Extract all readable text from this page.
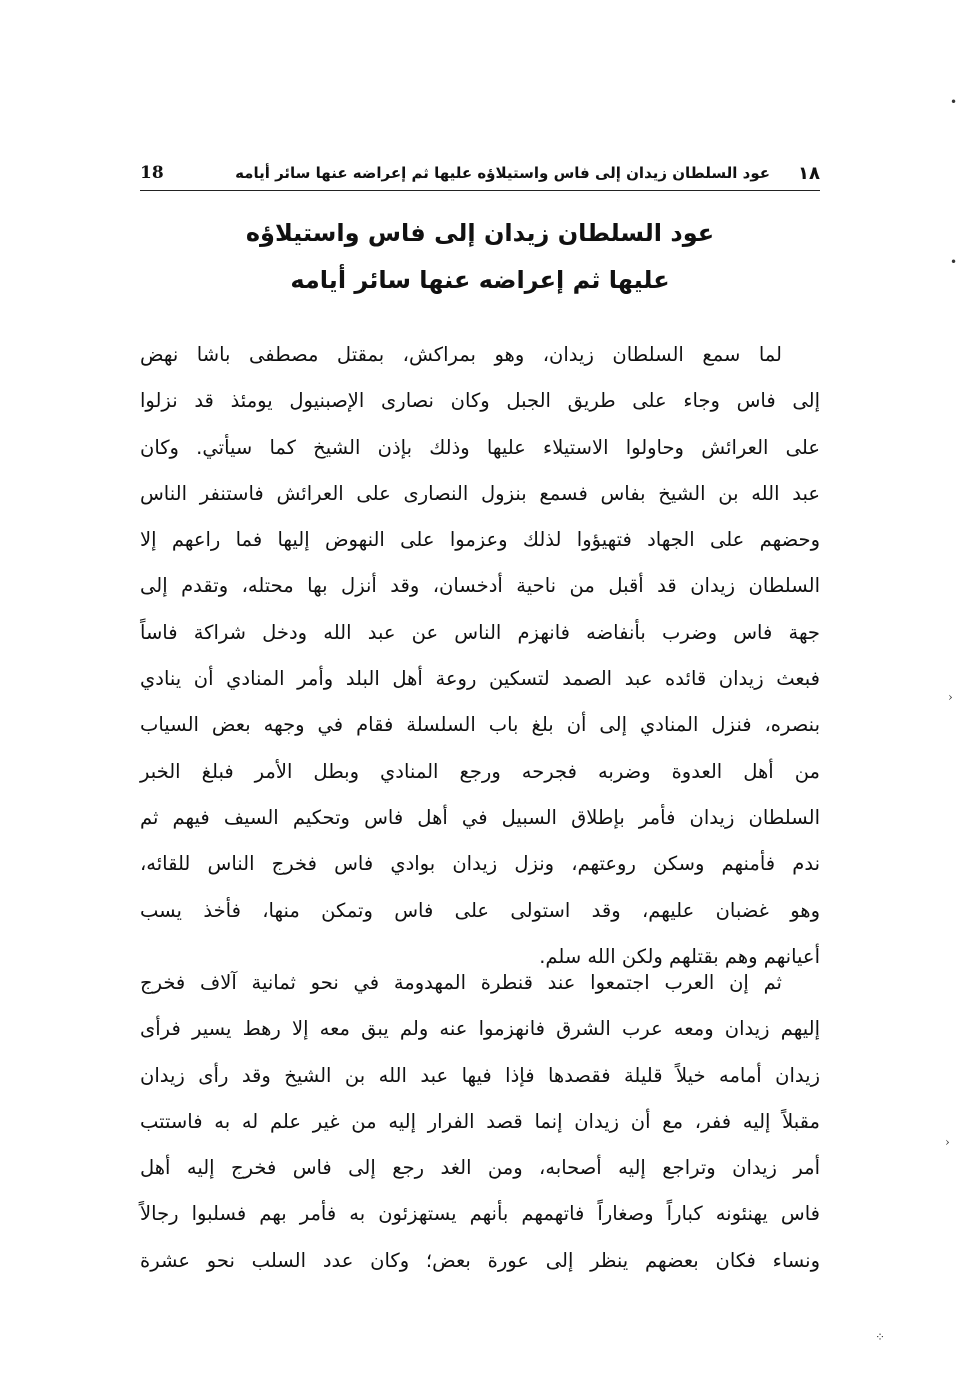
18	عود السلطان زيدان إلى فاس واستيلاؤه عليها ثم إعراضه عنها سائر أيامه	١٨
عود السلطان زيدان إلى فاس واستيلاؤه
عليها ثم إعراضه عنها سائر أيامه
لما سمع السلطان زيدان، وهو بمراكش، بمقتل مصطفى باشا نهض
إلى فاس وجاء على طريق الجبل وكان نصارى الإصبنيول يومئذ قد نزلوا
على العرائش وحاولوا الاستيلاء عليها وذلك بإذن الشيخ كما سيأتي. وكان
عبد الله بن الشيخ بفاس فسمع بنزول النصارى على العرائش فاستنفر الناس
وحضهم على الجهاد فتهيؤوا لذلك وعزموا على النهوض إليها فما راعهم إلا
السلطان زيدان قد أقبل من ناحية أدخسان، وقد أنزل بها محتله، وتقدم إلى
جهة فاس وضرب بأنفاضه فانهزم الناس عن عبد الله ودخل شراكة فاساً
فبعث زيدان قائده عبد الصمد لتسكين روعة أهل البلد وأمر المنادي أن ينادي
بنصره، فنزل المنادي إلى أن بلغ باب السلسلة فقام في وجهه بعض السياب
من أهل العدوة وضربه فجرحه ورجع المنادي وبطل الأمر فبلغ الخبر
السلطان زيدان فأمر بإطلاق السبيل في أهل فاس وتحكيم السيف فيهم ثم
ندم فأمنهم وسكن روعتهم، ونزل زيدان بوادي فاس فخرج الناس للقائه،
وهو غضبان عليهم، وقد استولى على فاس وتمكن منها، فأخذ يسب
أعيانهم وهم بقتلهم ولكن الله سلم.
ثم إن العرب اجتمعوا عند قنطرة المهدومة في نحو ثمانية آلاف فخرج
إليهم زيدان ومعه عرب الشرق فانهزموا عنه ولم يبق معه إلا رهط يسير فرأى
زيدان أمامه خيلاً قليلة فقصدها فإذا فيها عبد الله بن الشيخ وقد رأى زيدان
مقبلاً إليه ففر، مع أن زيدان إنما قصد الفرار إليه من غير علم له به فاستتب
أمر زيدان وتراجع إليه أصحابه، ومن الغد رجع إلى فاس فخرج إليه أهل
فاس يهنئونه كباراً وصغاراً فاتهمهم بأنهم يستهزئون به فأمر بهم فسلبوا رجالاً
ونساء فكان بعضهم ينظر إلى عورة بعض؛ وكان عدد السلب نحو عشرة
•
•
›
›
⁘
